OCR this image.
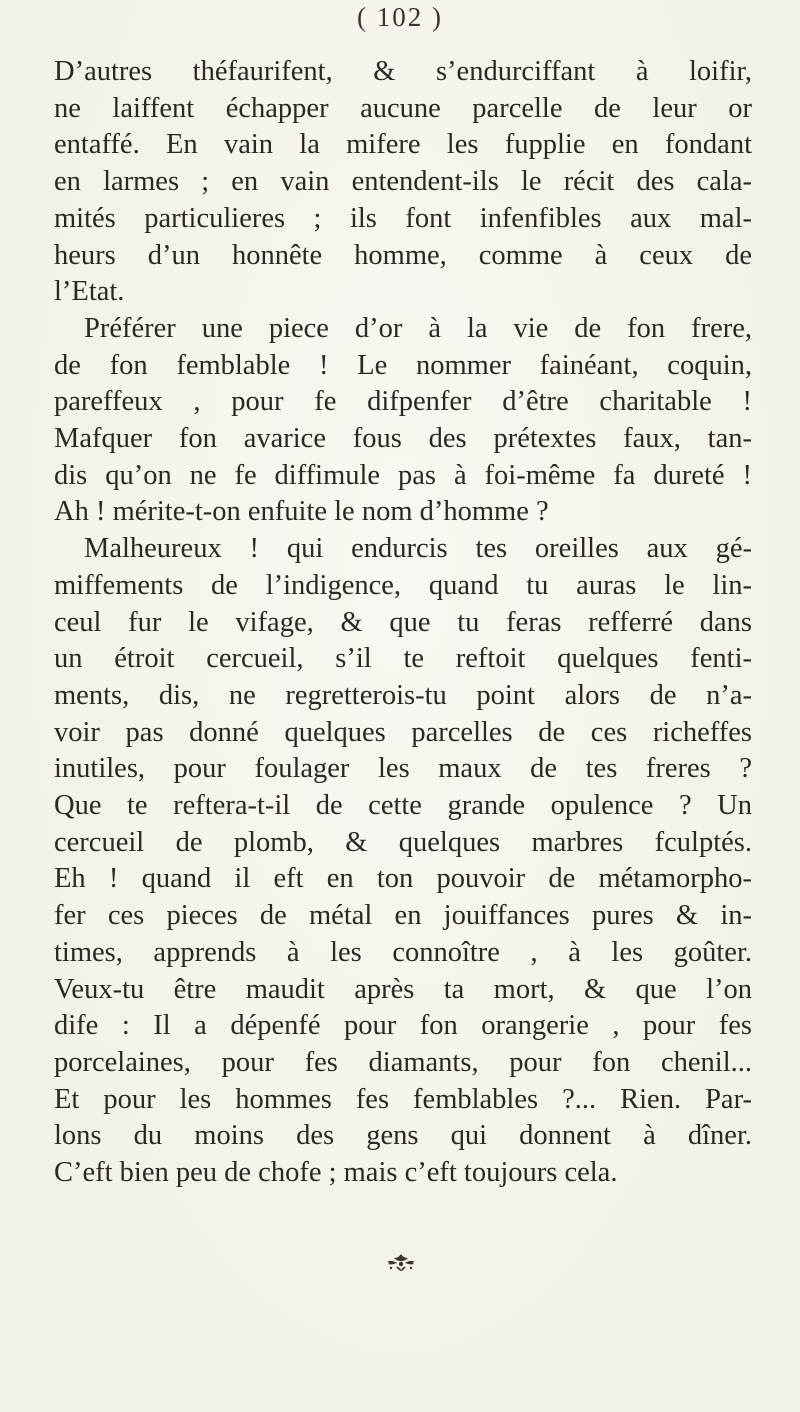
( 102 )
D’autres théfaurifent, & s’endurciffant à loifir,
ne laiffent échapper aucune parcelle de leur or
entaffé. En vain la mifere les fupplie en fondant
en larmes ; en vain entendent-ils le récit des cala-
mités particulieres ; ils font infenfibles aux mal-
heurs d’un honnête homme, comme à ceux de
l’Etat.
Préférer une piece d’or à la vie de fon frere,
de fon femblable ! Le nommer fainéant, coquin,
pareffeux , pour fe difpenfer d’être charitable !
Mafquer fon avarice fous des prétextes faux, tan-
dis qu’on ne fe diffimule pas à foi-même fa dureté !
Ah ! mérite-t-on enfuite le nom d’homme ?
Malheureux ! qui endurcis tes oreilles aux gé-
miffements de l’indigence, quand tu auras le lin-
ceul fur le vifage, & que tu feras refferré dans
un étroit cercueil, s’il te reftoit quelques fenti-
ments, dis, ne regretterois-tu point alors de n’a-
voir pas donné quelques parcelles de ces richeffes
inutiles, pour foulager les maux de tes freres ?
Que te reftera-t-il de cette grande opulence ? Un
cercueil de plomb, & quelques marbres fculptés.
Eh ! quand il eft en ton pouvoir de métamorpho-
fer ces pieces de métal en jouiffances pures & in-
times, apprends à les connoître , à les goûter.
Veux-tu être maudit après ta mort, & que l’on
dife : Il a dépenfé pour fon orangerie , pour fes
porcelaines, pour fes diamants, pour fon chenil...
Et pour les hommes fes femblables ?... Rien. Par-
lons du moins des gens qui donnent à dîner.
C’eft bien peu de chofe ; mais c’eft toujours cela.
